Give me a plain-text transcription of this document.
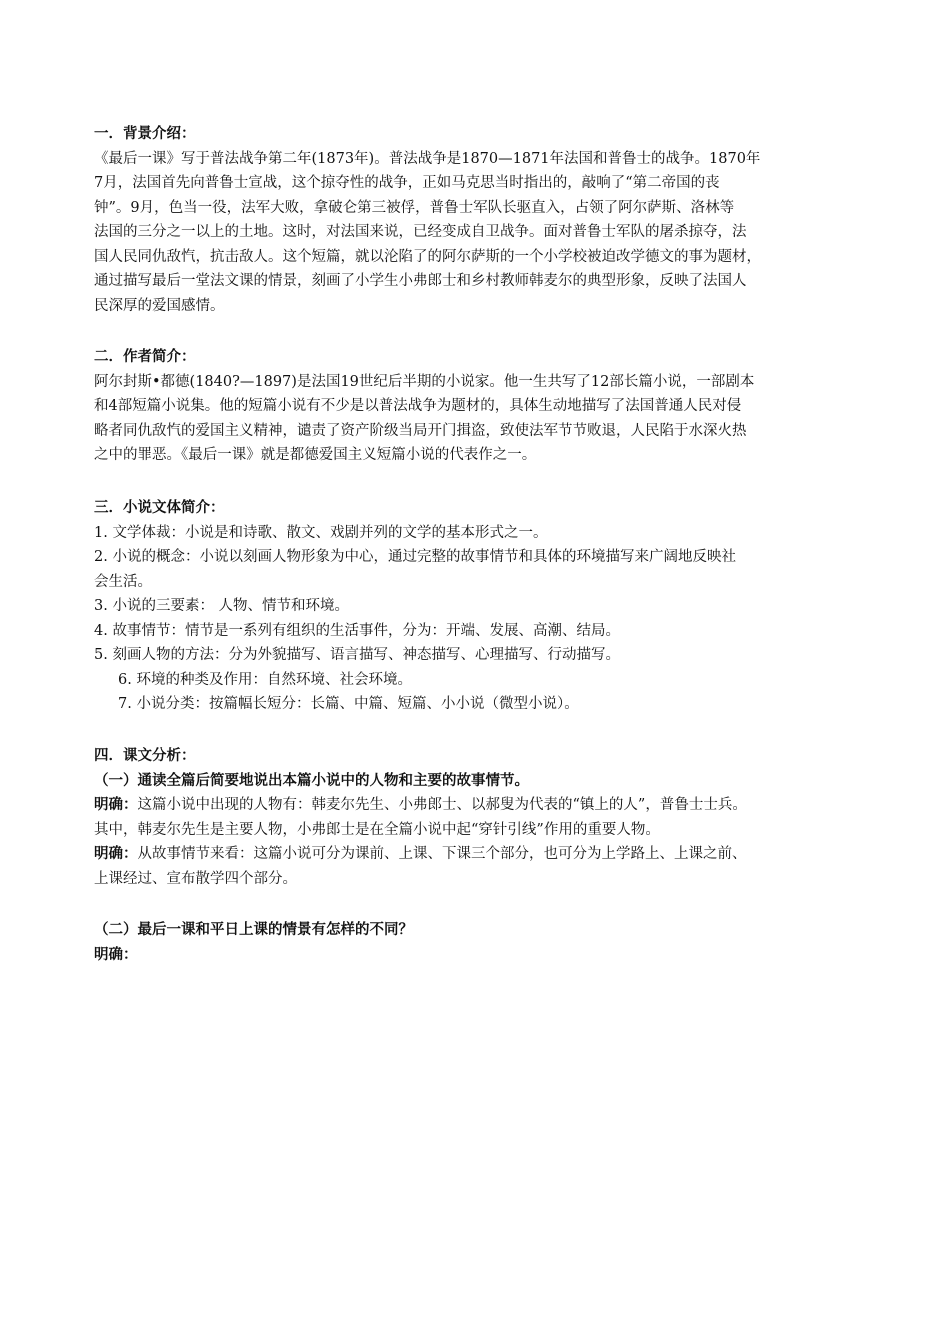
一．背景介绍：
《最后一课》写于普法战争第二年(1873年)。普法战争是1870—1871年法国和普鲁士的战争。1870年
7月，法国首先向普鲁士宣战，这个掠夺性的战争，正如马克思当时指出的，敲响了“第二帝国的丧
钟”。9月，色当一役，法军大败，拿破仑第三被俘，普鲁士军队长驱直入，占领了阿尔萨斯、洛林等
法国的三分之一以上的土地。这时，对法国来说，已经变成自卫战争。面对普鲁士军队的屠杀掠夺，法
国人民同仇敌忾，抗击敌人。这个短篇，就以沦陷了的阿尔萨斯的一个小学校被迫改学德文的事为题材，
通过描写最后一堂法文课的情景，刻画了小学生小弗郎士和乡村教师韩麦尔的典型形象，反映了法国人
民深厚的爱国感情。
二．作者简介：
阿尔封斯•都德(1840?—1897)是法国19世纪后半期的小说家。他一生共写了12部长篇小说，一部剧本
和4部短篇小说集。他的短篇小说有不少是以普法战争为题材的，具体生动地描写了法国普通人民对侵
略者同仇敌忾的爱国主义精神，谴责了资产阶级当局开门揖盗，致使法军节节败退，人民陷于水深火热
之中的罪恶。《最后一课》就是都德爱国主义短篇小说的代表作之一。
三．小说文体简介：
1. 文学体裁：小说是和诗歌、散文、戏剧并列的文学的基本形式之一。
2. 小说的概念：小说以刻画人物形象为中心，通过完整的故事情节和具体的环境描写来广阔地反映社
会生活。
3. 小说的三要素： 人物、情节和环境。
4. 故事情节：情节是一系列有组织的生活事件，分为：开端、发展、高潮、结局。
5. 刻画人物的方法：分为外貌描写、语言描写、神态描写、心理描写、行动描写。
6. 环境的种类及作用：自然环境、社会环境。
7. 小说分类：按篇幅长短分：长篇、中篇、短篇、小小说（微型小说）。
四．课文分析：
（一）通读全篇后简要地说出本篇小说中的人物和主要的故事情节。
明确：这篇小说中出现的人物有：韩麦尔先生、小弗郎士、以郝叟为代表的“镇上的人”，普鲁士士兵。
其中，韩麦尔先生是主要人物，小弗郎士是在全篇小说中起“穿针引线”作用的重要人物。
明确：从故事情节来看：这篇小说可分为课前、上课、下课三个部分，也可分为上学路上、上课之前、
上课经过、宣布散学四个部分。
（二）最后一课和平日上课的情景有怎样的不同？
明确：
